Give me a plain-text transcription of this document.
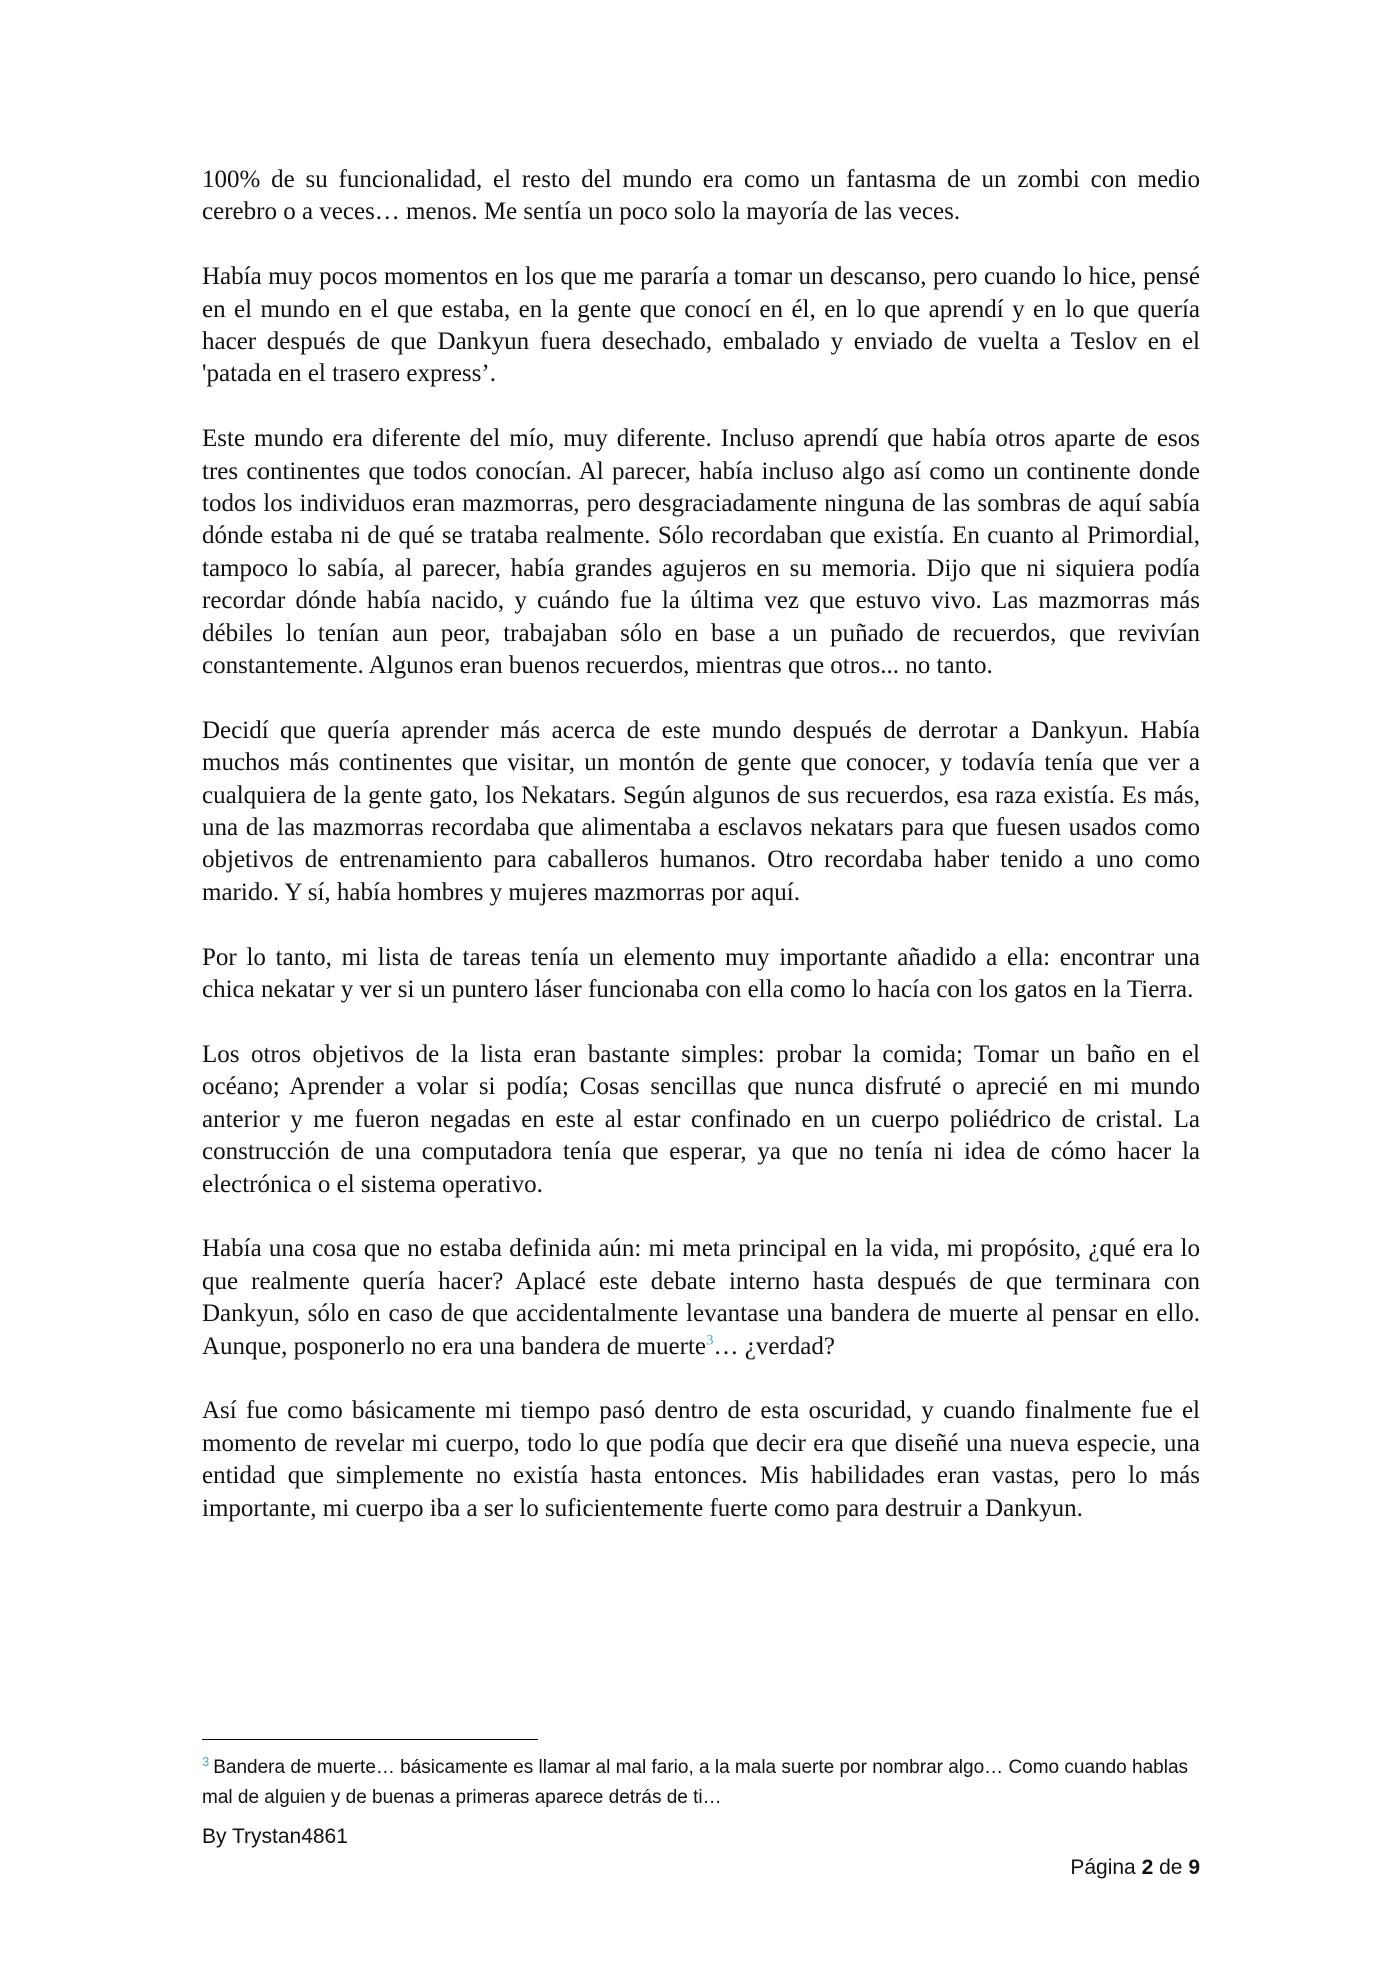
100% de su funcionalidad, el resto del mundo era como un fantasma de un zombi con medio cerebro o a veces… menos. Me sentía un poco solo la mayoría de las veces.

Había muy pocos momentos en los que me pararía a tomar un descanso, pero cuando lo hice, pensé en el mundo en el que estaba, en la gente que conocí en él, en lo que aprendí y en lo que quería hacer después de que Dankyun fuera desechado, embalado y enviado de vuelta a Teslov en el 'patada en el trasero express’.

Este mundo era diferente del mío, muy diferente. Incluso aprendí que había otros aparte de esos tres continentes que todos conocían. Al parecer, había incluso algo así como un continente donde todos los individuos eran mazmorras, pero desgraciadamente ninguna de las sombras de aquí sabía dónde estaba ni de qué se trataba realmente. Sólo recordaban que existía. En cuanto al Primordial, tampoco lo sabía, al parecer, había grandes agujeros en su memoria. Dijo que ni siquiera podía recordar dónde había nacido, y cuándo fue la última vez que estuvo vivo. Las mazmorras más débiles lo tenían aun peor, trabajaban sólo en base a un puñado de recuerdos, que revivían constantemente. Algunos eran buenos recuerdos, mientras que otros... no tanto.

Decidí que quería aprender más acerca de este mundo después de derrotar a Dankyun. Había muchos más continentes que visitar, un montón de gente que conocer, y todavía tenía que ver a cualquiera de la gente gato, los Nekatars. Según algunos de sus recuerdos, esa raza existía. Es más, una de las mazmorras recordaba que alimentaba a esclavos nekatars para que fuesen usados como objetivos de entrenamiento para caballeros humanos. Otro recordaba haber tenido a uno como marido. Y sí, había hombres y mujeres mazmorras por aquí.

Por lo tanto, mi lista de tareas tenía un elemento muy importante añadido a ella: encontrar una chica nekatar y ver si un puntero láser funcionaba con ella como lo hacía con los gatos en la Tierra.

Los otros objetivos de la lista eran bastante simples: probar la comida; Tomar un baño en el océano; Aprender a volar si podía; Cosas sencillas que nunca disfruté o aprecié en mi mundo anterior y me fueron negadas en este al estar confinado en un cuerpo poliédrico de cristal. La construcción de una computadora tenía que esperar, ya que no tenía ni idea de cómo hacer la electrónica o el sistema operativo.

Había una cosa que no estaba definida aún: mi meta principal en la vida, mi propósito, ¿qué era lo que realmente quería hacer? Aplacé este debate interno hasta después de que terminara con Dankyun, sólo en caso de que accidentalmente levantase una bandera de muerte al pensar en ello. Aunque, posponerlo no era una bandera de muerte$^3$… ¿verdad?

Así fue como básicamente mi tiempo pasó dentro de esta oscuridad, y cuando finalmente fue el momento de revelar mi cuerpo, todo lo que podía que decir era que diseñé una nueva especie, una entidad que simplemente no existía hasta entonces. Mis habilidades eran vastas, pero lo más importante, mi cuerpo iba a ser lo suficientemente fuerte como para destruir a Dankyun.

$^3$ Bandera de muerte… básicamente es llamar al mal fario, a la mala suerte por nombrar algo… Como cuando hablas mal de alguien y de buenas a primeras aparece detrás de ti…
By Trystan4861
Página 2 de 9
